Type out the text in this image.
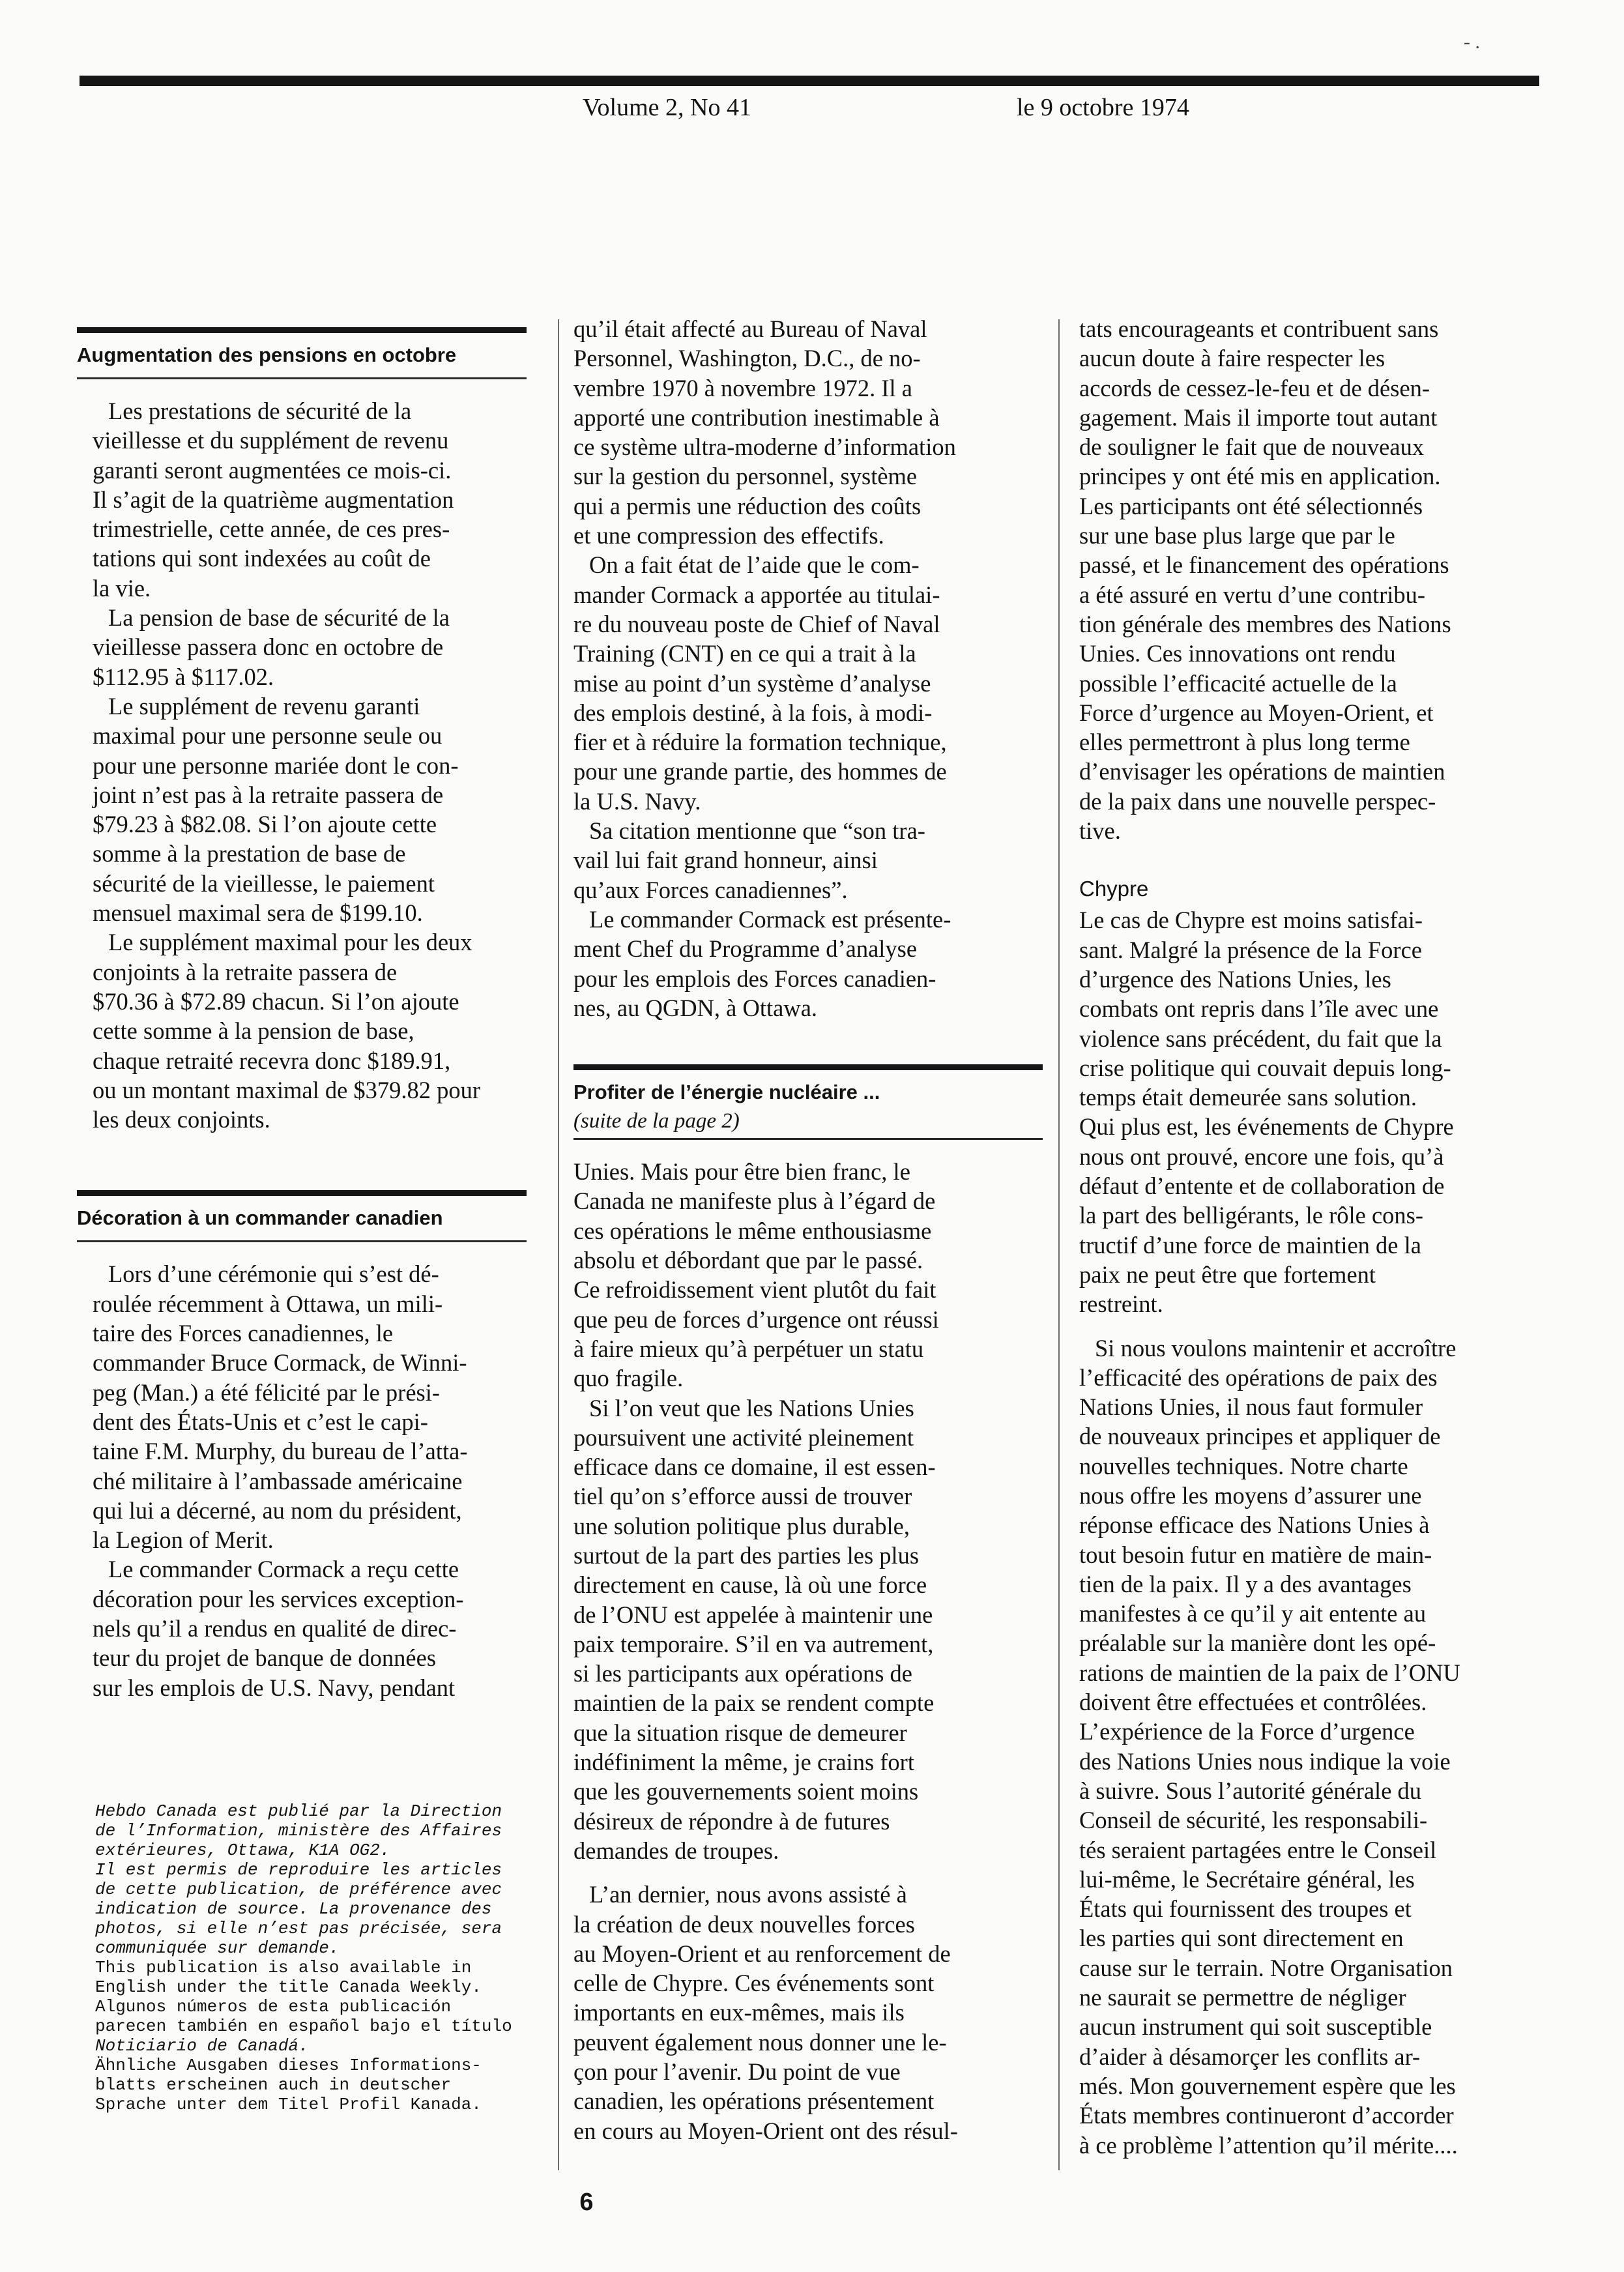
Volume 2, No 41	le 9 octobre 1974
- .
Augmentation des pensions en octobre

Les prestations de sécurité de la

vieillesse et du supplément de revenu

garanti seront augmentées ce mois-ci.

Il s’agit de la quatrième augmentation

trimestrielle, cette année, de ces pres-

tations qui sont indexées au coût de

la vie.

La pension de base de sécurité de la

vieillesse passera donc en octobre de

$112.95 à $117.02.

Le supplément de revenu garanti

maximal pour une personne seule ou

pour une personne mariée dont le con-

joint n’est pas à la retraite passera de

$79.23 à $82.08. Si l’on ajoute cette

somme à la prestation de base de

sécurité de la vieillesse, le paiement

mensuel maximal sera de $199.10.

Le supplément maximal pour les deux

conjoints à la retraite passera de

$70.36 à $72.89 chacun. Si l’on ajoute

cette somme à la pension de base,

chaque retraité recevra donc $189.91,

ou un montant maximal de $379.82 pour

les deux conjoints.

Décoration à un commander canadien

Lors d’une cérémonie qui s’est dé-

roulée récemment à Ottawa, un mili-

taire des Forces canadiennes, le

commander Bruce Cormack, de Winni-

peg (Man.) a été félicité par le prési-

dent des États-Unis et c’est le capi-

taine F.M. Murphy, du bureau de l’atta-

ché militaire à l’ambassade américaine

qui lui a décerné, au nom du président,

la Legion of Merit.

Le commander Cormack a reçu cette

décoration pour les services exception-

nels qu’il a rendus en qualité de direc-

teur du projet de banque de données

sur les emplois de U.S. Navy, pendant

Hebdo Canada est publié par la Direction

de l’Information, ministère des Affaires

extérieures, Ottawa, K1A OG2.

Il est permis de reproduire les articles

de cette publication, de préférence avec

indication de source. La provenance des

photos, si elle n’est pas précisée, sera

communiquée sur demande.

This publication is also available in

English under the title Canada Weekly.

Algunos números de esta publicación

parecen también en español bajo el título

Noticiario de Canadá.

Ähnliche Ausgaben dieses Informations-

blatts erscheinen auch in deutscher

Sprache unter dem Titel Profil Kanada.

qu’il était affecté au Bureau of Naval

Personnel, Washington, D.C., de no-

vembre 1970 à novembre 1972. Il a

apporté une contribution inestimable à

ce système ultra-moderne d’information

sur la gestion du personnel, système

qui a permis une réduction des coûts

et une compression des effectifs.

On a fait état de l’aide que le com-

mander Cormack a apportée au titulai-

re du nouveau poste de Chief of Naval

Training (CNT) en ce qui a trait à la

mise au point d’un système d’analyse

des emplois destiné, à la fois, à modi-

fier et à réduire la formation technique,

pour une grande partie, des hommes de

la U.S. Navy.

Sa citation mentionne que “son tra-

vail lui fait grand honneur, ainsi

qu’aux Forces canadiennes”.

Le commander Cormack est présente-

ment Chef du Programme d’analyse

pour les emplois des Forces canadien-

nes, au QGDN, à Ottawa.

Profiter de l’énergie nucléaire ...

(suite de la page 2)

Unies. Mais pour être bien franc, le

Canada ne manifeste plus à l’égard de

ces opérations le même enthousiasme

absolu et débordant que par le passé.

Ce refroidissement vient plutôt du fait

que peu de forces d’urgence ont réussi

à faire mieux qu’à perpétuer un statu

quo fragile.

Si l’on veut que les Nations Unies

poursuivent une activité pleinement

efficace dans ce domaine, il est essen-

tiel qu’on s’efforce aussi de trouver

une solution politique plus durable,

surtout de la part des parties les plus

directement en cause, là où une force

de l’ONU est appelée à maintenir une

paix temporaire. S’il en va autrement,

si les participants aux opérations de

maintien de la paix se rendent compte

que la situation risque de demeurer

indéfiniment la même, je crains fort

que les gouvernements soient moins

désireux de répondre à de futures

demandes de troupes.

L’an dernier, nous avons assisté à

la création de deux nouvelles forces

au Moyen-Orient et au renforcement de

celle de Chypre. Ces événements sont

importants en eux-mêmes, mais ils

peuvent également nous donner une le-

çon pour l’avenir. Du point de vue

canadien, les opérations présentement

en cours au Moyen-Orient ont des résul-

tats encourageants et contribuent sans

aucun doute à faire respecter les

accords de cessez-le-feu et de désen-

gagement. Mais il importe tout autant

de souligner le fait que de nouveaux

principes y ont été mis en application.

Les participants ont été sélectionnés

sur une base plus large que par le

passé, et le financement des opérations

a été assuré en vertu d’une contribu-

tion générale des membres des Nations

Unies. Ces innovations ont rendu

possible l’efficacité actuelle de la

Force d’urgence au Moyen-Orient, et

elles permettront à plus long terme

d’envisager les opérations de maintien

de la paix dans une nouvelle perspec-

tive.

Chypre

Le cas de Chypre est moins satisfai-

sant. Malgré la présence de la Force

d’urgence des Nations Unies, les

combats ont repris dans l’île avec une

violence sans précédent, du fait que la

crise politique qui couvait depuis long-

temps était demeurée sans solution.

Qui plus est, les événements de Chypre

nous ont prouvé, encore une fois, qu’à

défaut d’entente et de collaboration de

la part des belligérants, le rôle cons-

tructif d’une force de maintien de la

paix ne peut être que fortement

restreint.

Si nous voulons maintenir et accroître

l’efficacité des opérations de paix des

Nations Unies, il nous faut formuler

de nouveaux principes et appliquer de

nouvelles techniques. Notre charte

nous offre les moyens d’assurer une

réponse efficace des Nations Unies à

tout besoin futur en matière de main-

tien de la paix. Il y a des avantages

manifestes à ce qu’il y ait entente au

préalable sur la manière dont les opé-

rations de maintien de la paix de l’ONU

doivent être effectuées et contrôlées.

L’expérience de la Force d’urgence

des Nations Unies nous indique la voie

à suivre. Sous l’autorité générale du

Conseil de sécurité, les responsabili-

tés seraient partagées entre le Conseil

lui-même, le Secrétaire général, les

États qui fournissent des troupes et

les parties qui sont directement en

cause sur le terrain. Notre Organisation

ne saurait se permettre de négliger

aucun instrument qui soit susceptible

d’aider à désamorçer les conflits ar-

més. Mon gouvernement espère que les

États membres continueront d’accorder

à ce problème l’attention qu’il mérite....

6
